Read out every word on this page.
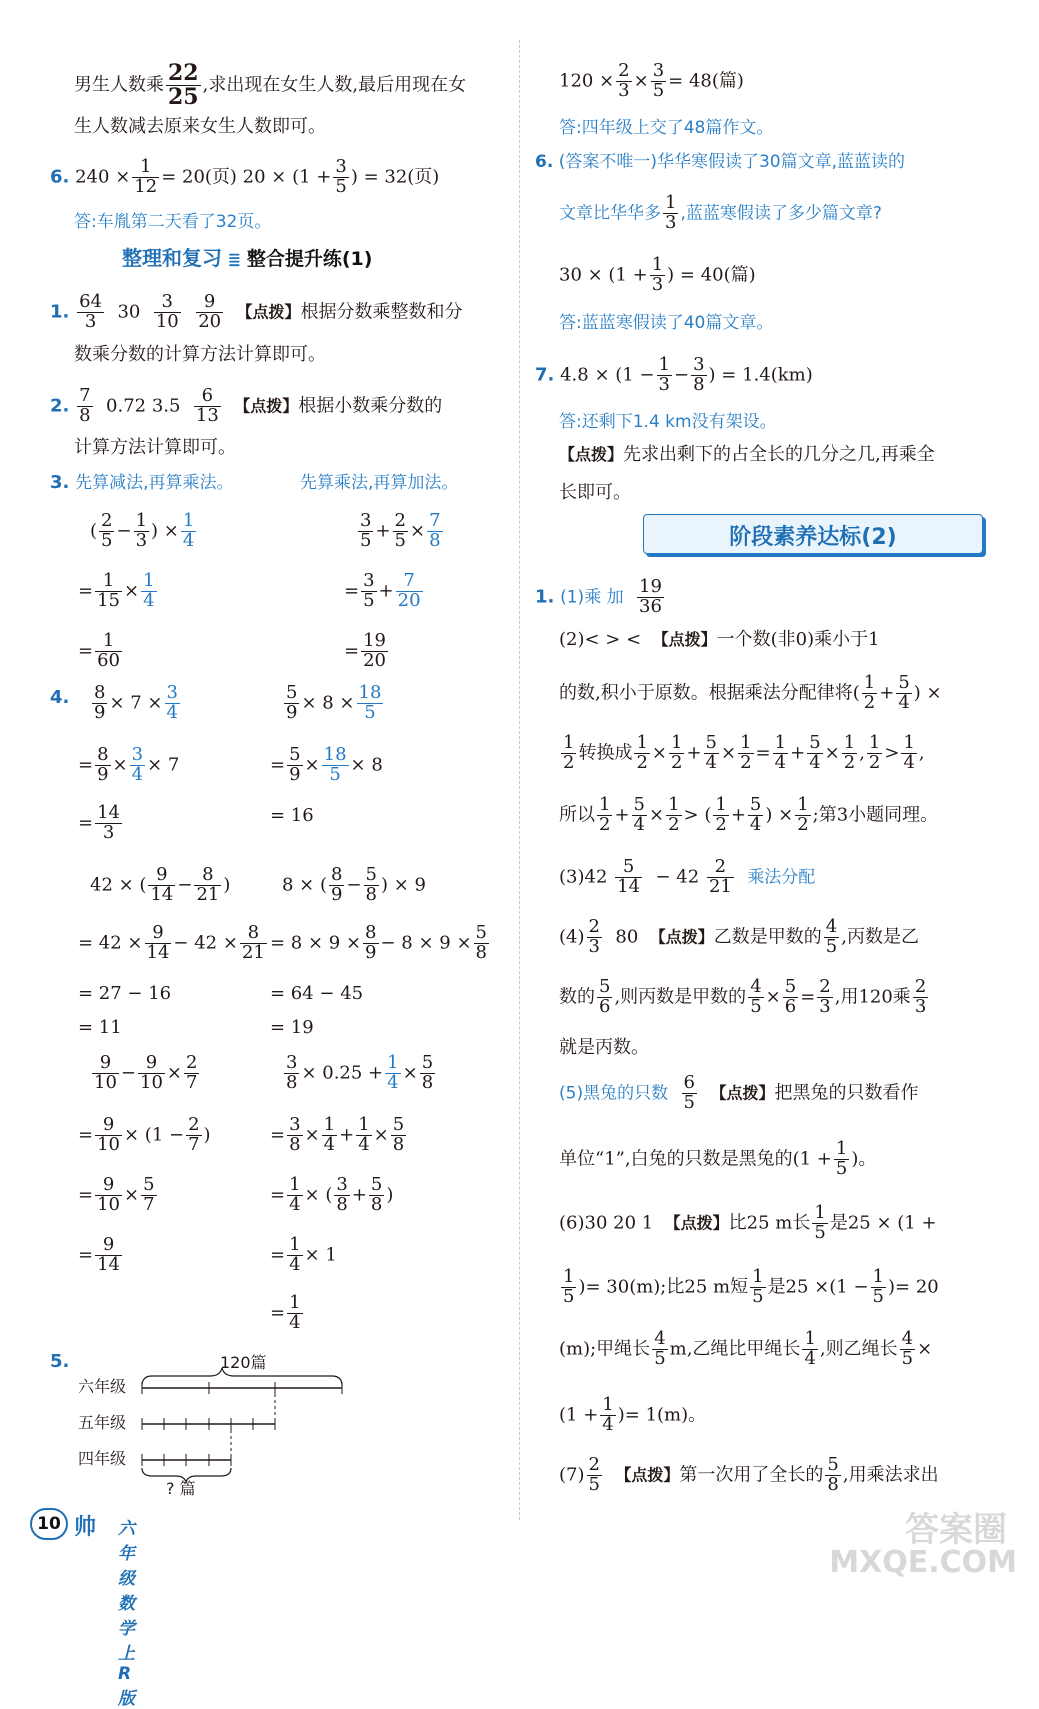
男生人数乘 $\frac{22}{25}$ ,求出现在女生人数,最后用现在女
生人数减去原来女生人数即可。
6. $240 \times \frac{1}{12} = 20$(页) $20 \times (1 + \frac{3}{5}$ ) = 32(页)
答:车胤第二天看了32页。
整理和复习 ≣ 整合提升练(1)
1. $\frac{64}{3} 30 \frac{3}{10}$
$\frac{9}{20}$ 【点拨】根据分数乘整数和分
数乘分数的计算方法计算即可。
2. $\frac{7}{8} 0.72$ $3.5 \frac{6}{13}$ 【点拨】根据小数乘分数的
计算方法计算即可。
3. 先算减法,再算乘法。	先算乘法,再算加法。
( $\frac{2}{5} - \frac{1}{3}$ ) × $\frac{1}{4}$
= $\frac{1}{15} \times \frac{1}{4}$
= $\frac{1}{60}$
$\frac{3}{5} + \frac{2}{5} \times \frac{7}{8}$
= $\frac{3}{5} + \frac{7}{20}$
= $\frac{19}{20}$
4. $\frac{8}{9} \times 7 \times \frac{3}{4}$
= $\frac{8}{9} \times \frac{3}{4} \times 7$
= $\frac{14}{3}$
$\frac{5}{9} \times 8 \times \frac{18}{5}$
= $\frac{5}{9} \times \frac{18}{5} \times 8$
= 16
42 × ( $\frac{9}{14} - \frac{8}{21}$ )
= $42 \times \frac{9}{14} - 42 \times \frac{8}{21}$
= 27 − 16
= 11
8 × ( $\frac{8}{9} - \frac{5}{8}$ ) × 9
= $8 \times 9 \times \frac{8}{9} - 8 \times 9 \times \frac{5}{8}$
= 64 − 45
= 19
$\frac{9}{10} - \frac{9}{10} \times \frac{2}{7}$
= $\frac{9}{10} \times (1 - \frac{2}{7}$ )
= $\frac{9}{10} \times \frac{5}{7}$
= $\frac{9}{14}$
$\frac{3}{8} \times 0.25 + \frac{1}{4} \times \frac{5}{8}$
= $\frac{3}{8} \times \frac{1}{4} + \frac{1}{4} \times \frac{5}{8}$
= $\frac{1}{4}$ × ( $\frac{3}{8} + \frac{5}{8}$ )
= $\frac{1}{4} \times 1$
= $\frac{1}{4}$
5.	120篇
六年级
五年级
四年级
? 篇
$120 \times \frac{2}{3} \times \frac{3}{5} = 48$(篇)
答:四年级上交了48篇作文。
6. (答案不唯一)华华寒假读了30篇文章,蓝蓝读的
文章比华华多 $\frac{1}{3}$ ,蓝蓝寒假读了多少篇文章?
$30 \times (1 + \frac{1}{3}$ ) = 40(篇)
答:蓝蓝寒假读了40篇文章。
7. $4.8 \times (1 - \frac{1}{3} - \frac{3}{8}$ ) = 1.4(km)
答:还剩下1.4 km没有架设。
【点拨】先求出剩下的占全长的几分之几,再乘全
长即可。
阶段素养达标(2)
1. (1)乘 加 $\frac{19}{36}$
(2)< > < 【点拨】一个数(非0)乘小于1
的数,积小于原数。根据乘法分配律将( $\frac{1}{2} + \frac{5}{4}$ ) ×
$\frac{1}{2}$ 转换成 $\frac{1}{2} \times \frac{1}{2} + \frac{5}{4} \times \frac{1}{2} = \frac{1}{4} + \frac{5}{4} \times \frac{1}{2}$ , $\frac{1}{2} > \frac{1}{4}$ ,
所以 $\frac{1}{2} + \frac{5}{4} \times \frac{1}{2}$ > ( $\frac{1}{2} + \frac{5}{4}$ ) × $\frac{1}{2}$ ;第3小题同理。
$(3)42 \frac{5}{14} - 42 \frac{2}{21}$ 乘法分配
$(4) \frac{2}{3} 80$ 【点拨】乙数是甲数的 $\frac{4}{5}$ ,丙数是乙
数的 $\frac{5}{6}$ ,则丙数是甲数的 $\frac{4}{5} \times \frac{5}{6} = \frac{2}{3}$ ,用120乘 $\frac{2}{3}$
就是丙数。
(5)黑兔的只数 $\frac{6}{5}$ 【点拨】把黑兔的只数看作
单位“1”,白兔的只数是黑兔的($1 + \frac{1}{5}$ )。
(6)30 20 1 【点拨】比25 m长 $\frac{1}{5}$ 是25 × (1 +
$\frac{1}{5}$ )= 30(m);比25 m短 $\frac{1}{5}$ 是$25 \times(1 - \frac{1}{5}$ )= 20
(m);甲绳长 $\frac{4}{5} m$,乙绳比甲绳长 $\frac{1}{4}$ ,则乙绳长 $\frac{4}{5}$ ×
($1 + \frac{1}{4}$ )= 1(m)。
$(7) \frac{2}{5}$ 【点拨】第一次用了全长的 $\frac{5}{8}$ ,用乘法求出
10 帅 六年级 数学 上 R版
答案圈
MXQE.COM
